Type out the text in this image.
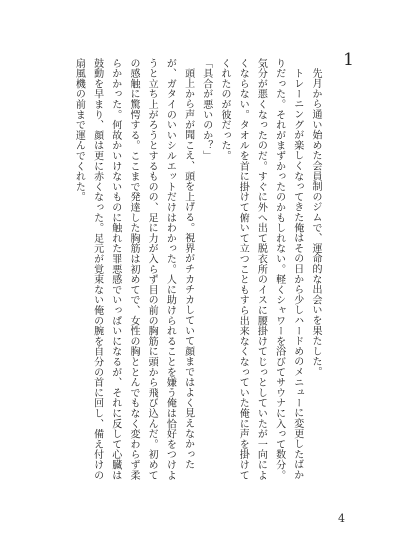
1

先月から通い始めた会員制のジムで、運命的な出会いを果たした。

トレーニングが楽しくなってきた俺はその日から少しハードめのメニューに変更したばかりだった。それがまずかったのかもしれない。軽くシャワーを浴びてサウナに入って数分。気分が悪くなったのだ。すぐに外へ出て脱衣所のイスに腰掛けてじっとしていたが一向によくならない。タオルを首に掛けて俯いて立つこともすら出来なくなっていた俺に声を掛けてくれたのが彼だった。

「具合が悪いのか？」

頭上から声が聞こえ、頭を上げる。視界がチカチカしていて顔まではよく見えなかったが、ガタイのいいシルエットだけはわかった。人に助けられることを嫌う俺は恰好をつけようと立ち上がろうとするものの、足に力が入らず目の前の胸筋に頭から飛び込んだ。初めての感触に驚愕する。ここまで発達した胸筋は初めてで、女性の胸ととんでもなく変わらず柔らかかった。何故かいけないものに触れた罪悪感でいっぱいになるが、それに反して心臓は鼓動を早まり、顔は更に赤くなった。足元が覚束ない俺の腕を自分の首に回し、備え付けの扇風機の前まで運んでくれた。

4
